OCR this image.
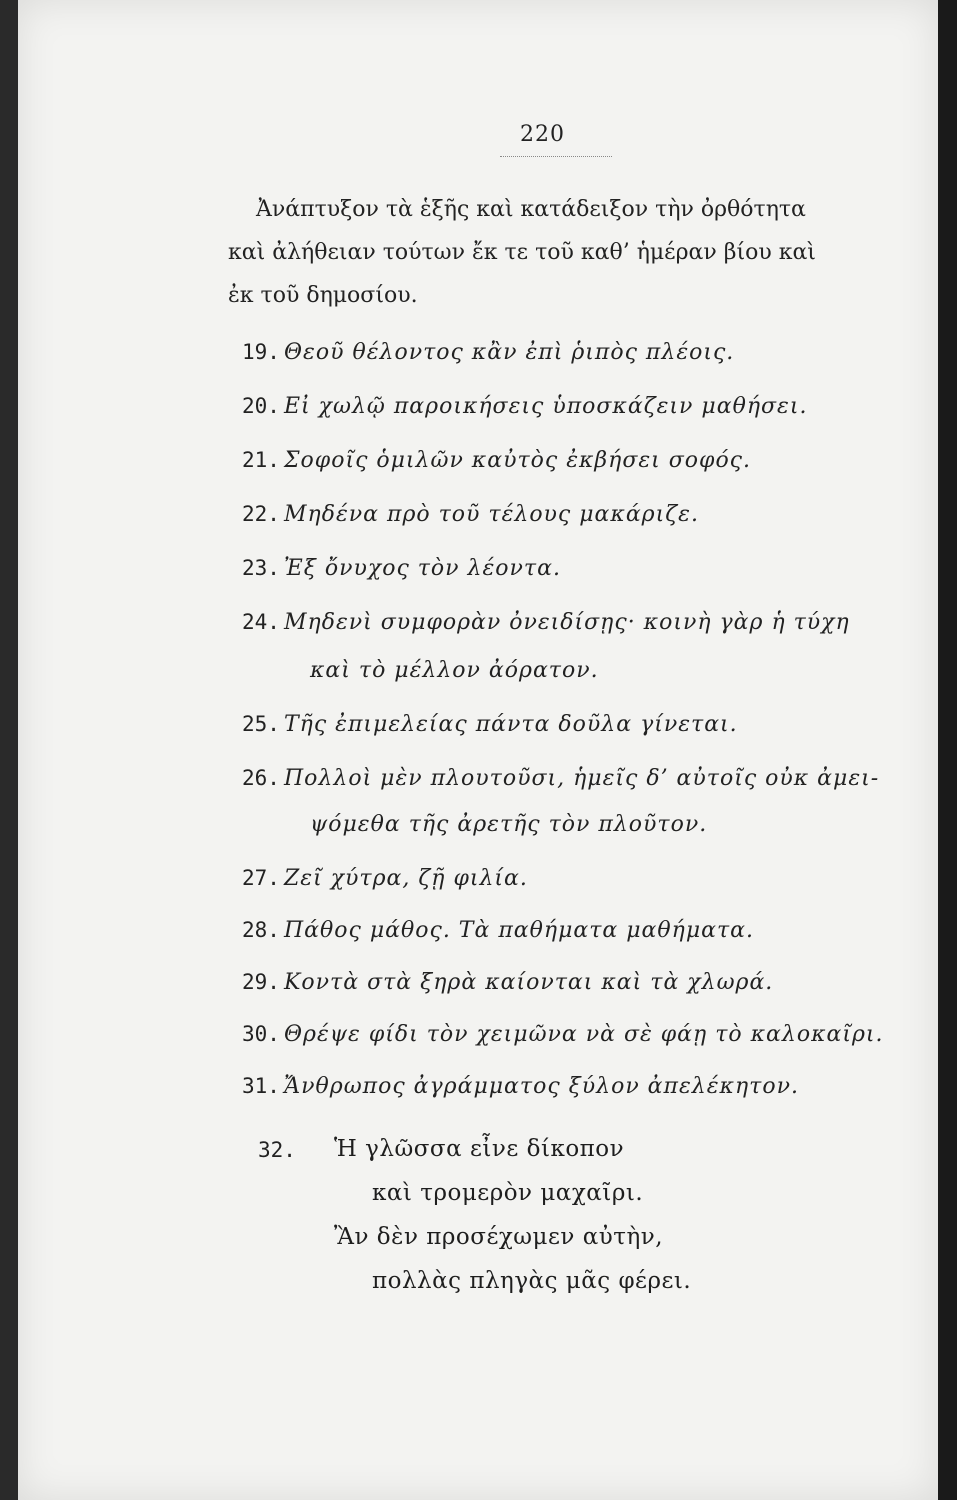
220
Ἀνάπτυξον τὰ ἑξῆς καὶ κατάδειξον τὴν ὀρθότητα
καὶ ἀλήθειαν τούτων ἔκ τε τοῦ καθ’ ἡμέραν βίου καὶ
ἐκ τοῦ δημοσίου.
19. Θεοῦ θέλοντος κἂν ἐπὶ ῥιπὸς πλέοις.
20. Εἰ χωλῷ παροικήσεις ὑποσκάζειν μαθήσει.
21. Σοφοῖς ὁμιλῶν καὐτὸς ἐκβήσει σοφός.
22. Μηδένα πρὸ τοῦ τέλους μακάριζε.
23. Ἐξ ὄνυχος τὸν λέοντα.
24. Μηδενὶ συμφορὰν ὀνειδίσῃς· κοινὴ γὰρ ἡ τύχη
καὶ τὸ μέλλον ἀόρατον.
25. Τῆς ἐπιμελείας πάντα δοῦλα γίνεται.
26. Πολλοὶ μὲν πλουτοῦσι, ἡμεῖς δ’ αὐτοῖς οὐκ ἀμει-
ψόμεθα τῆς ἀρετῆς τὸν πλοῦτον.
27. Ζεῖ χύτρα, ζῇ φιλία.
28. Πάθος μάθος. Τὰ παθήματα μαθήματα.
29. Κοντὰ στὰ ξηρὰ καίονται καὶ τὰ χλωρά.
30. Θρέψε φίδι τὸν χειμῶνα νὰ σὲ φάῃ τὸ καλοκαῖρι.
31. Ἄνθρωπος ἀγράμματος ξύλον ἀπελέκητον.
32. Ἡ γλῶσσα εἶνε δίκοπον
καὶ τρομερὸν μαχαῖρι.
Ἂν δὲν προσέχωμεν αὐτὴν,
πολλὰς πληγὰς μᾶς φέρει.
